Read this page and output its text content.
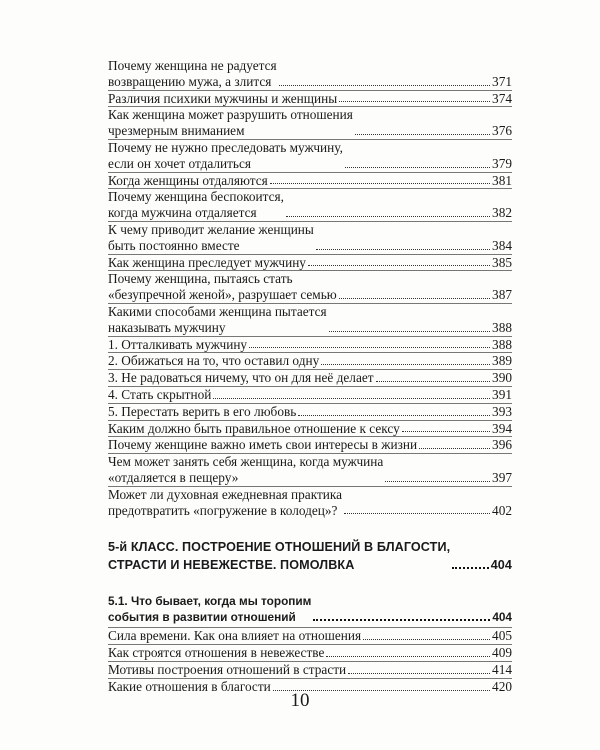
Почему женщина не радуется
возвращению мужа, а злится	371
Различия психики мужчины и женщины	374
Как женщина может разрушить отношения
чрезмерным вниманием	376
Почему не нужно преследовать мужчину,
если он хочет отдалиться	379
Когда женщины отдаляются	381
Почему женщина беспокоится,
когда мужчина отдаляется	382
К чему приводит желание женщины
быть постоянно вместе	384
Как женщина преследует мужчину	385
Почему женщина, пытаясь стать
«безупречной женой», разрушает семью	387
Какими способами женщина пытается
наказывать мужчину	388
1. Отталкивать мужчину	388
2. Обижаться на то, что оставил одну	389
3. Не радоваться ничему, что он для неё делает	390
4. Стать скрытной	391
5. Перестать верить в его любовь	393
Каким должно быть правильное отношение к сексу	394
Почему женщине важно иметь свои интересы в жизни	396
Чем может занять себя женщина, когда мужчина
«отдаляется в пещеру»	397
Может ли духовная ежедневная практика
предотвратить «погружение в колодец»?	402
5-й КЛАСС. ПОСТРОЕНИЕ ОТНОШЕНИЙ В БЛАГОСТИ,
СТРАСТИ И НЕВЕЖЕСТВЕ. ПОМОЛВКА	404
5.1. Что бывает, когда мы торопим
события в развитии отношений	404
Сила времени. Как она влияет на отношения	405
Как строятся отношения в невежестве	409
Мотивы построения отношений в страсти	414
Какие отношения в благости	420
10
